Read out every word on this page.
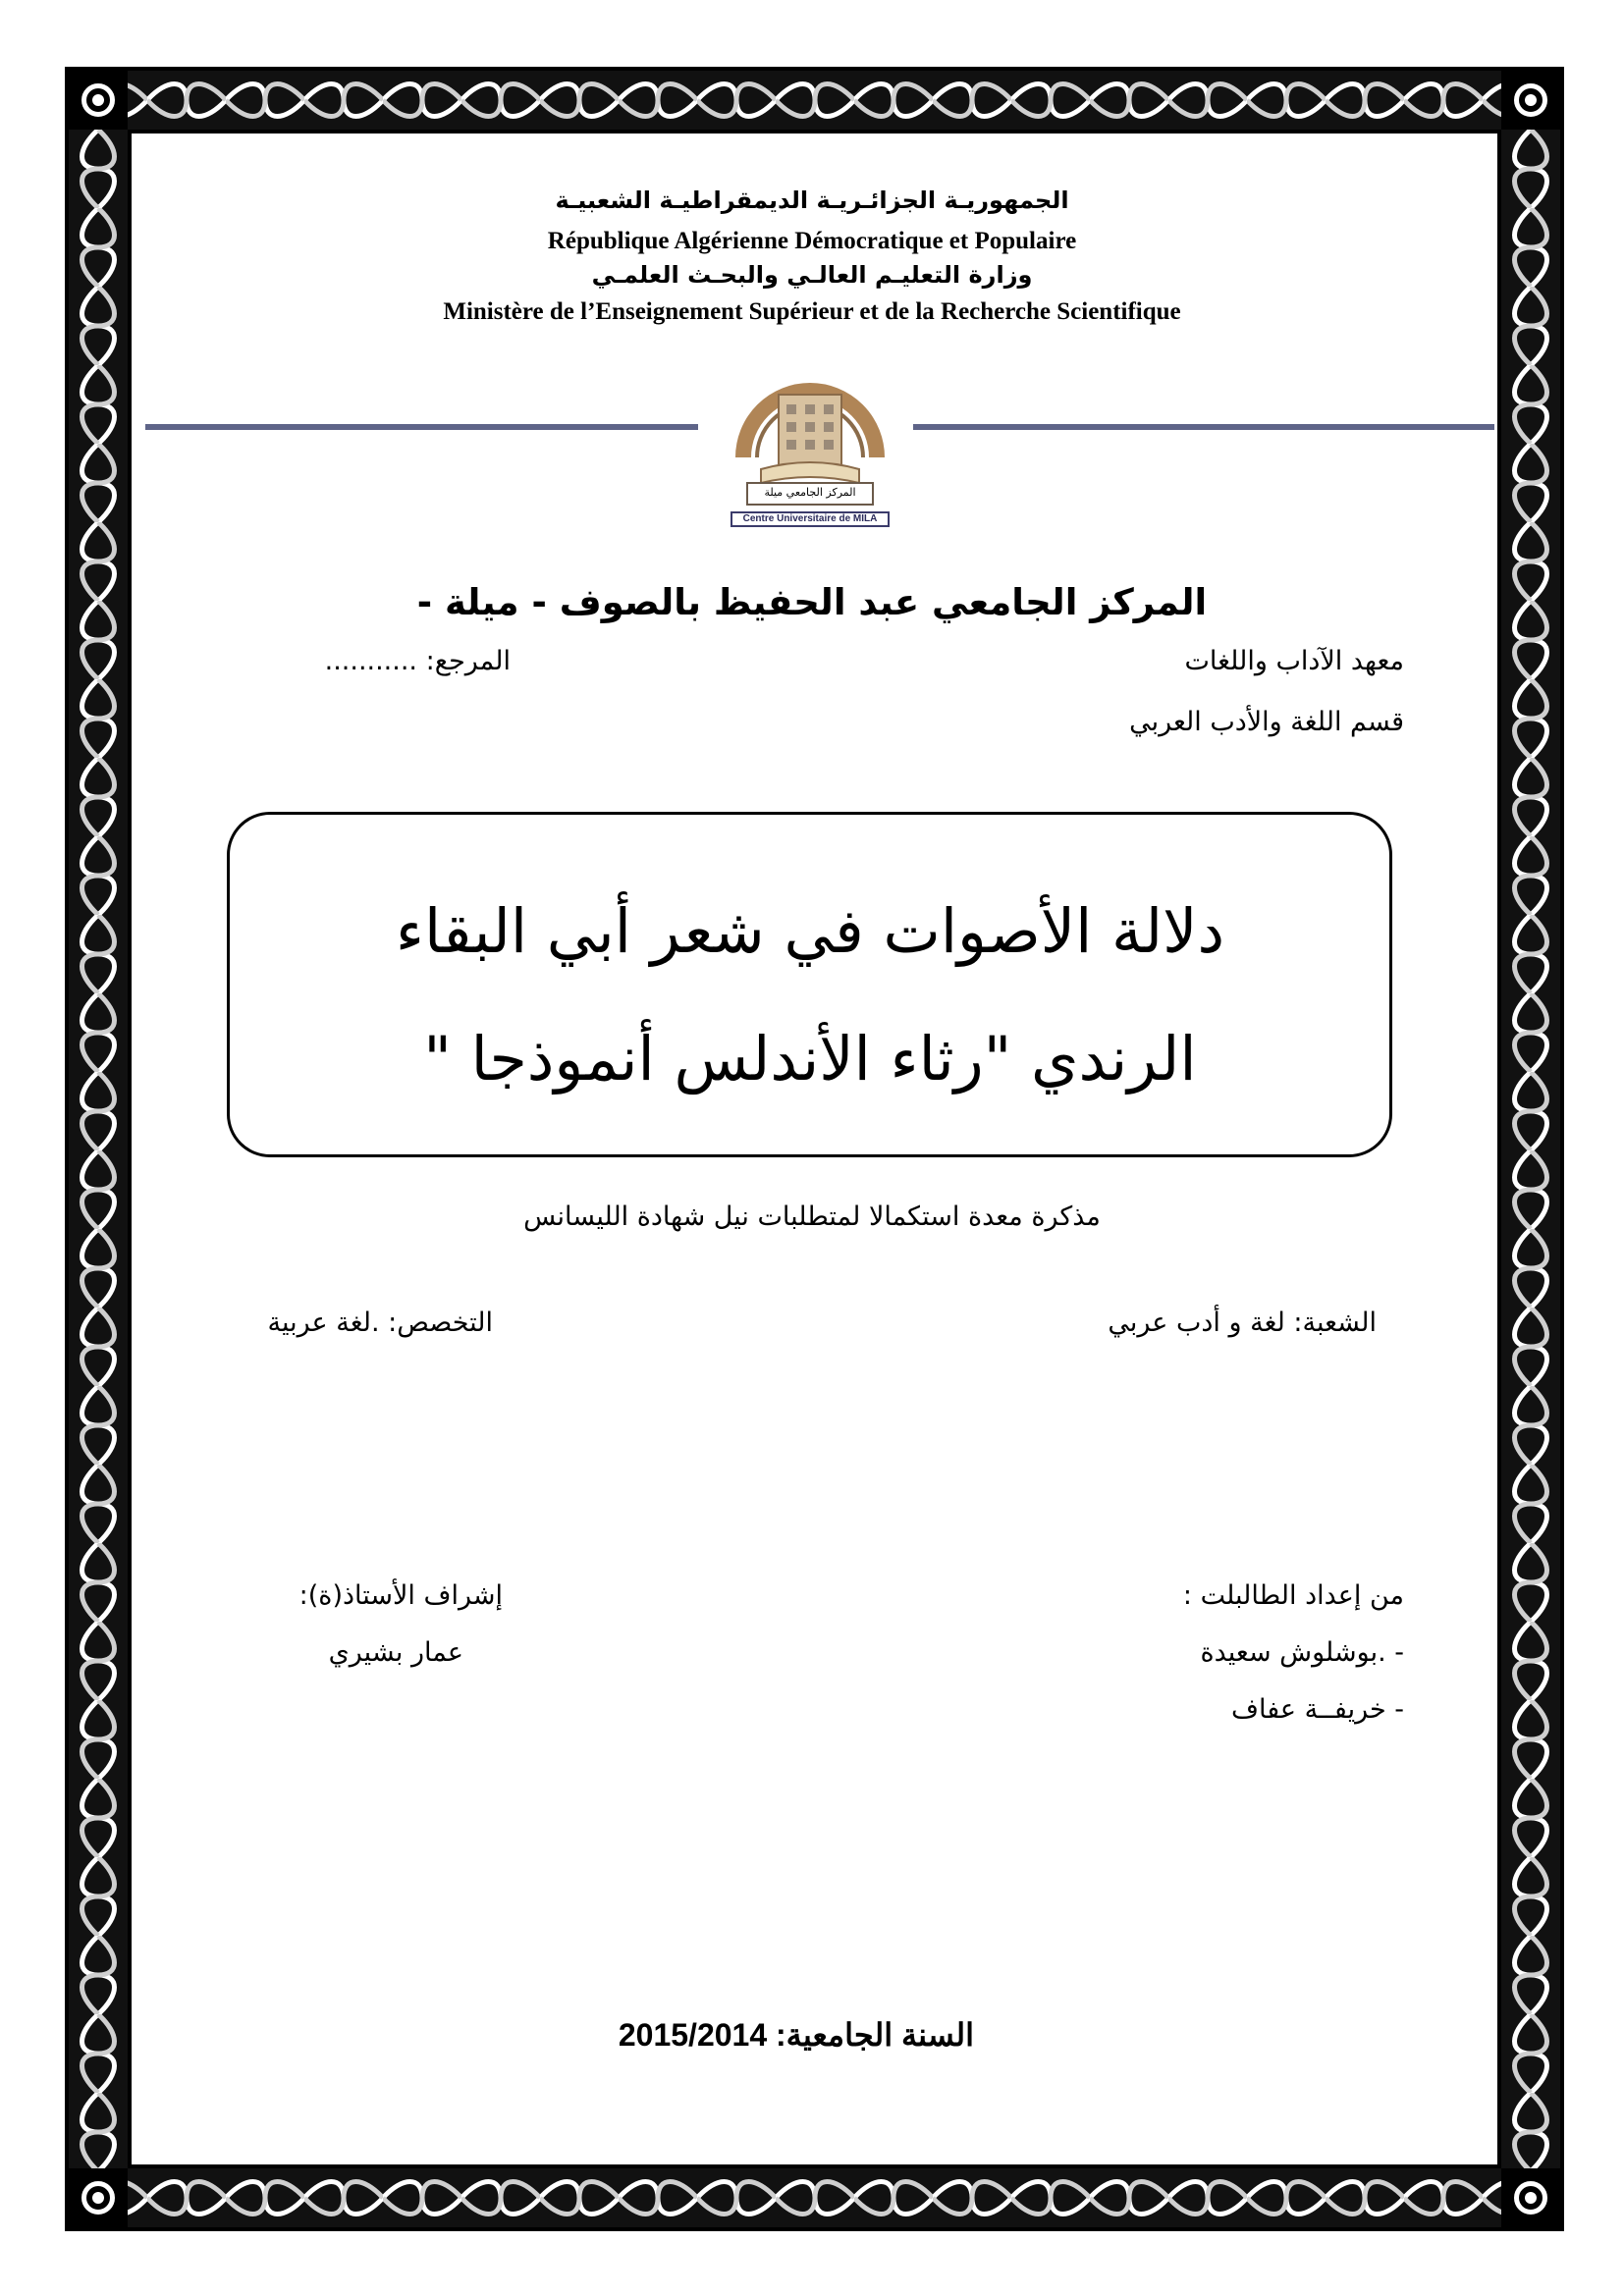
الجمهوريـة الجزائـريـة الديمقراطيـة الشعبيـة
République Algérienne Démocratique et Populaire
وزارة التعليـم العالـي والبحـث العلمـي
Ministère de l’Enseignement Supérieur et de la Recherche Scientifique
المركز الجامعي ميلة
Centre Universitaire de MILA
المركز الجامعي عبد الحفيظ بالصوف - ميلة -
معهد الآداب واللغات
المرجع: ...........
قسم اللغة والأدب العربي
دلالة الأصوات في شعر أبي البقاء
الرندي "رثاء الأندلس أنموذجا "
مذكرة معدة استكمالا لمتطلبات نيل شهادة الليسانس
الشعبة: لغة و أدب عربي
التخصص: .لغة عربية
من إعداد الطالبلت :
- .بوشلوش سعيدة
- خريفــة عفاف
إشراف الأستاذ(ة):
عمار بشيري
السنة الجامعية: 2015/2014
